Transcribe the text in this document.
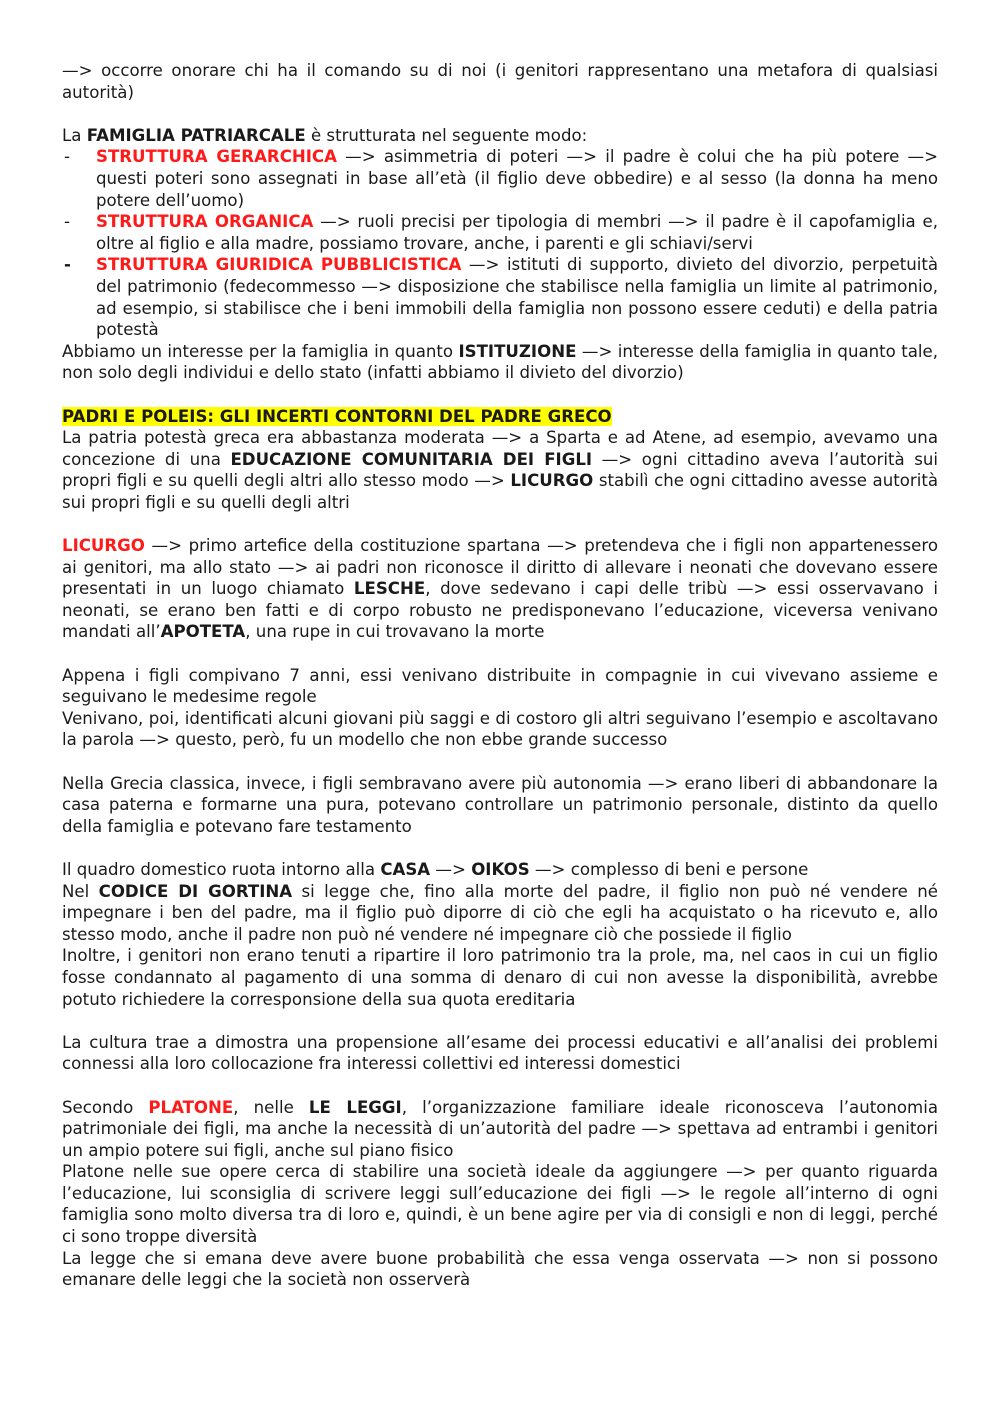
—> occorre onorare chi ha il comando su di noi (i genitori rappresentano una metafora di qualsiasi autorità)

La FAMIGLIA PATRIARCALE è strutturata nel seguente modo:

- STRUTTURA GERARCHICA —> asimmetria di poteri —> il padre è colui che ha più potere —> questi poteri sono assegnati in base all’età (il figlio deve obbedire) e al sesso (la donna ha meno potere dell’uomo)
- STRUTTURA ORGANICA —> ruoli precisi per tipologia di membri —> il padre è il capofamiglia e, oltre al figlio e alla madre, possiamo trovare, anche, i parenti e gli schiavi/servi
- STRUTTURA GIURIDICA PUBBLICISTICA —> istituti di supporto, divieto del divorzio, perpetuità del patrimonio (fedecommesso —> disposizione che stabilisce nella famiglia un limite al patrimonio, ad esempio, si stabilisce che i beni immobili della famiglia non possono essere ceduti) e della patria potestà

Abbiamo un interesse per la famiglia in quanto ISTITUZIONE —> interesse della famiglia in quanto tale, non solo degli individui e dello stato (infatti abbiamo il divieto del divorzio)

PADRI E POLEIS: GLI INCERTI CONTORNI DEL PADRE GRECO

La patria potestà greca era abbastanza moderata —> a Sparta e ad Atene, ad esempio, avevamo una concezione di una EDUCAZIONE COMUNITARIA DEI FIGLI —> ogni cittadino aveva l’autorità sui propri figli e su quelli degli altri allo stesso modo —> LICURGO stabilì che ogni cittadino avesse autorità sui propri figli e su quelli degli altri

LICURGO —> primo artefice della costituzione spartana —> pretendeva che i figli non appartenessero ai genitori, ma allo stato —> ai padri non riconosce il diritto di allevare i neonati che dovevano essere presentati in un luogo chiamato LESCHE, dove sedevano i capi delle tribù —> essi osservavano i neonati, se erano ben fatti e di corpo robusto ne predisponevano l’educazione, viceversa venivano mandati all’APOTETA, una rupe in cui trovavano la morte

Appena i figli compivano 7 anni, essi venivano distribuite in compagnie in cui vivevano assieme e seguivano le medesime regole

Venivano, poi, identificati alcuni giovani più saggi e di costoro gli altri seguivano l’esempio e ascoltavano la parola —> questo, però, fu un modello che non ebbe grande successo

Nella Grecia classica, invece, i figli sembravano avere più autonomia —> erano liberi di abbandonare la casa paterna e formarne una pura, potevano controllare un patrimonio personale, distinto da quello della famiglia e potevano fare testamento

Il quadro domestico ruota intorno alla CASA —> OIKOS —> complesso di beni e persone

Nel CODICE DI GORTINA si legge che, fino alla morte del padre, il figlio non può né vendere né impegnare i ben del padre, ma il figlio può diporre di ciò che egli ha acquistato o ha ricevuto e, allo stesso modo, anche il padre non può né vendere né impegnare ciò che possiede il figlio

Inoltre, i genitori non erano tenuti a ripartire il loro patrimonio tra la prole, ma, nel caos in cui un figlio fosse condannato al pagamento di una somma di denaro di cui non avesse la disponibilità, avrebbe potuto richiedere la corresponsione della sua quota ereditaria

La cultura trae a dimostra una propensione all’esame dei processi educativi e all’analisi dei problemi connessi alla loro collocazione fra interessi collettivi ed interessi domestici

Secondo PLATONE, nelle LE LEGGI, l’organizzazione familiare ideale riconosceva l’autonomia patrimoniale dei figli, ma anche la necessità di un’autorità del padre —> spettava ad entrambi i genitori un ampio potere sui figli, anche sul piano fisico

Platone nelle sue opere cerca di stabilire una società ideale da aggiungere —> per quanto riguarda l’educazione, lui sconsiglia di scrivere leggi sull’educazione dei figli —> le regole all’interno di ogni famiglia sono molto diversa tra di loro e, quindi, è un bene agire per via di consigli e non di leggi, perché ci sono troppe diversità

La legge che si emana deve avere buone probabilità che essa venga osservata —> non si possono emanare delle leggi che la società non osserverà
